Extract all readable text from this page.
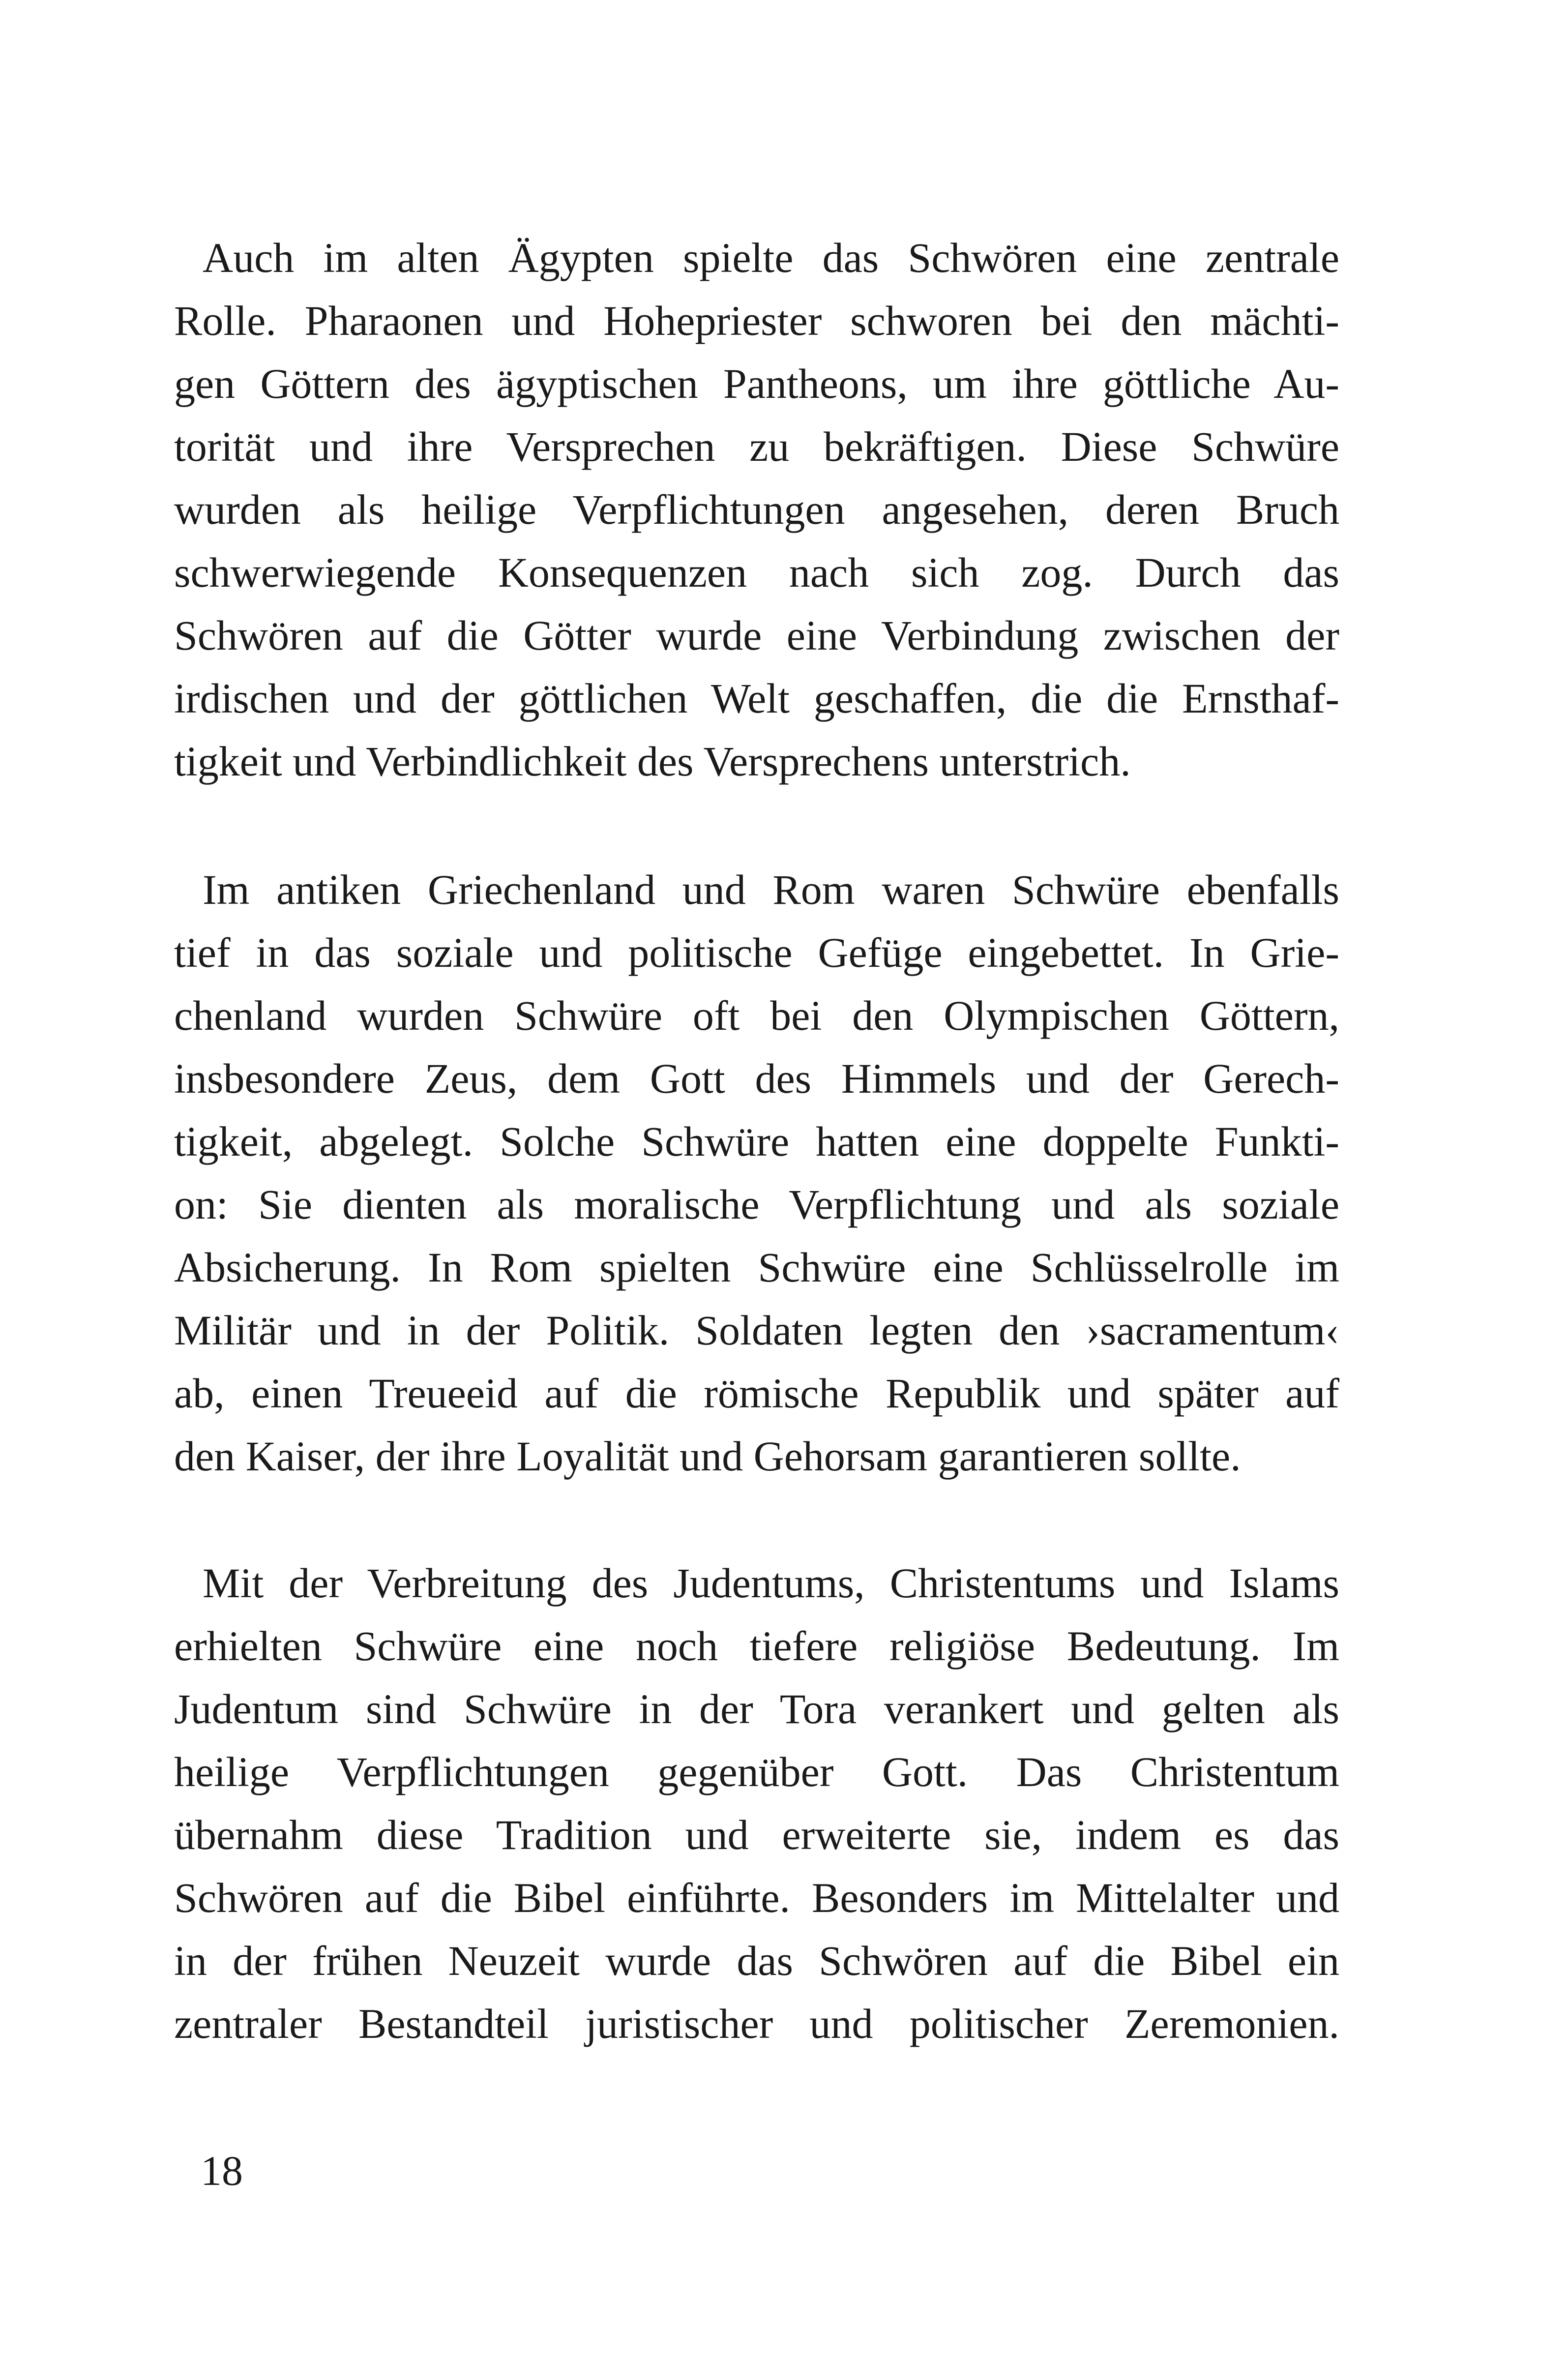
Auch im alten Ägypten spielte das Schwören eine zentrale
Rolle. Pharaonen und Hohepriester schworen bei den mächti-
gen Göttern des ägyptischen Pantheons, um ihre göttliche Au-
torität und ihre Versprechen zu bekräftigen. Diese Schwüre
wurden als heilige Verpflichtungen angesehen, deren Bruch
schwerwiegende Konsequenzen nach sich zog. Durch das
Schwören auf die Götter wurde eine Verbindung zwischen der
irdischen und der göttlichen Welt geschaffen, die die Ernsthaf-
tigkeit und Verbindlichkeit des Versprechens unterstrich.
Im antiken Griechenland und Rom waren Schwüre ebenfalls
tief in das soziale und politische Gefüge eingebettet. In Grie-
chenland wurden Schwüre oft bei den Olympischen Göttern,
insbesondere Zeus, dem Gott des Himmels und der Gerech-
tigkeit, abgelegt. Solche Schwüre hatten eine doppelte Funkti-
on: Sie dienten als moralische Verpflichtung und als soziale
Absicherung. In Rom spielten Schwüre eine Schlüsselrolle im
Militär und in der Politik. Soldaten legten den ›sacramentum‹
ab, einen Treueeid auf die römische Republik und später auf
den Kaiser, der ihre Loyalität und Gehorsam garantieren sollte.
Mit der Verbreitung des Judentums, Christentums und Islams
erhielten Schwüre eine noch tiefere religiöse Bedeutung. Im
Judentum sind Schwüre in der Tora verankert und gelten als
heilige Verpflichtungen gegenüber Gott. Das Christentum
übernahm diese Tradition und erweiterte sie, indem es das
Schwören auf die Bibel einführte. Besonders im Mittelalter und
in der frühen Neuzeit wurde das Schwören auf die Bibel ein
zentraler Bestandteil juristischer und politischer Zeremonien.
18
